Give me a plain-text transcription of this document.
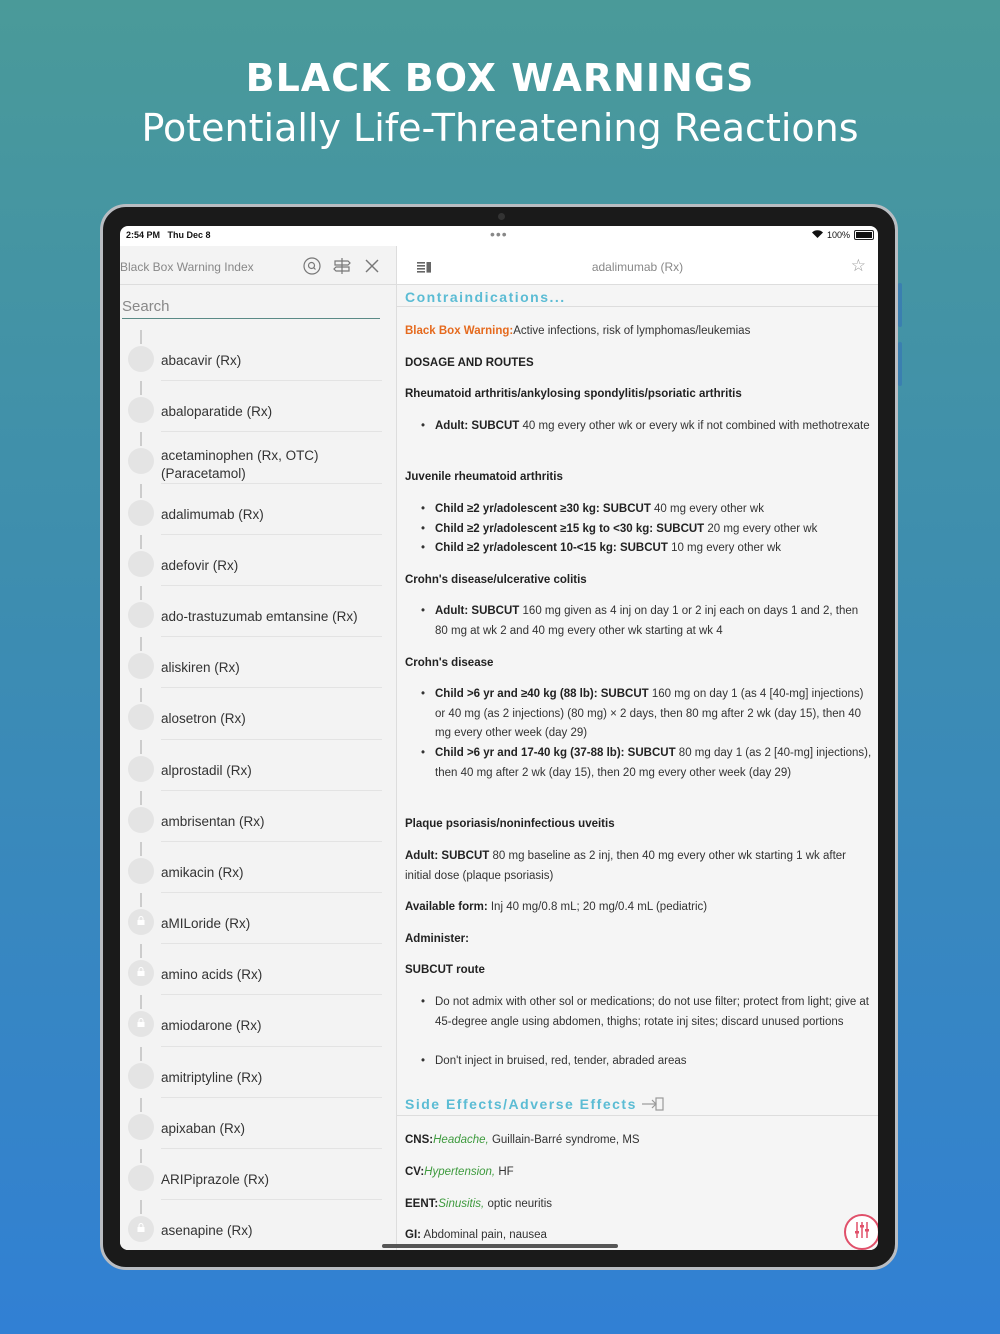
BLACK BOX WARNINGS
Potentially Life-Threatening Reactions
2:54 PM Thu Dec 8	•••	100%
Black Box Warning Index
Search
abacavir (Rx)
abaloparatide (Rx)
acetaminophen (Rx, OTC)
(Paracetamol)
adalimumab (Rx)
adefovir (Rx)
ado-trastuzumab emtansine (Rx)
aliskiren (Rx)
alosetron (Rx)
alprostadil (Rx)
ambrisentan (Rx)
amikacin (Rx)
aMILoride (Rx)
amino acids (Rx)
amiodarone (Rx)
amitriptyline (Rx)
apixaban (Rx)
ARIPiprazole (Rx)
asenapine (Rx)
adalimumab (Rx)	☆
Contraindications...
Black Box Warning:Active infections, risk of lymphomas/leukemias
DOSAGE AND ROUTES
Rheumatoid arthritis/ankylosing spondylitis/psoriatic arthritis
• Adult: SUBCUT 40 mg every other wk or every wk if not combined with methotrexate
Juvenile rheumatoid arthritis
• Child ≥2 yr/adolescent ≥30 kg: SUBCUT 40 mg every other wk
• Child ≥2 yr/adolescent ≥15 kg to <30 kg: SUBCUT 20 mg every other wk
• Child ≥2 yr/adolescent 10-<15 kg: SUBCUT 10 mg every other wk
Crohn's disease/ulcerative colitis
• Adult: SUBCUT 160 mg given as 4 inj on day 1 or 2 inj each on days 1 and 2, then 80 mg at wk 2 and 40 mg every other wk starting at wk 4
Crohn's disease
• Child >6 yr and ≥40 kg (88 lb): SUBCUT 160 mg on day 1 (as 4 [40-mg] injections) or 40 mg (as 2 injections) (80 mg) × 2 days, then 80 mg after 2 wk (day 15), then 40 mg every other week (day 29)
• Child >6 yr and 17-40 kg (37-88 lb): SUBCUT 80 mg day 1 (as 2 [40-mg] injections), then 40 mg after 2 wk (day 15), then 20 mg every other week (day 29)
Plaque psoriasis/noninfectious uveitis
Adult: SUBCUT 80 mg baseline as 2 inj, then 40 mg every other wk starting 1 wk after initial dose (plaque psoriasis)
Available form: Inj 40 mg/0.8 mL; 20 mg/0.4 mL (pediatric)
Administer:
SUBCUT route
• Do not admix with other sol or medications; do not use filter; protect from light; give at 45-degree angle using abdomen, thighs; rotate inj sites; discard unused portions
• Don't inject in bruised, red, tender, abraded areas
Side Effects/Adverse Effects
CNS:Headache, Guillain-Barré syndrome, MS
CV:Hypertension, HF
EENT:Sinusitis, optic neuritis
GI: Abdominal pain, nausea
